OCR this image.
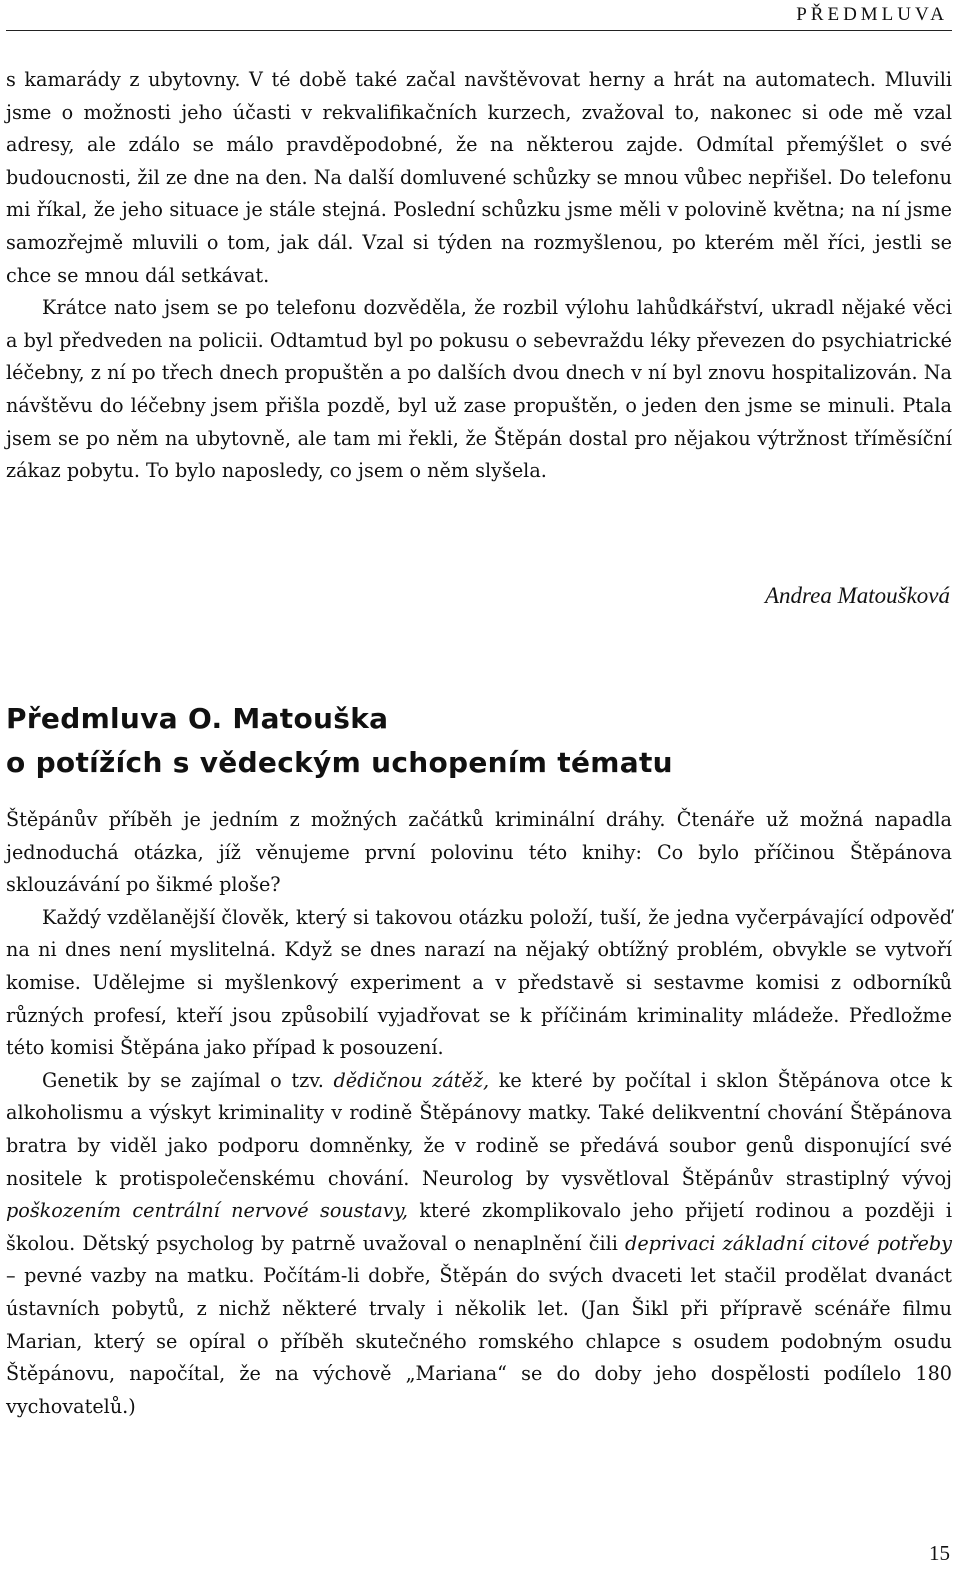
PŘEDMLUVA

s kamarády z ubytovny. V té době také začal navštěvovat herny a hrát na automatech. Mluvili jsme o možnosti jeho účasti v rekvalifikačních kurzech, zvažoval to, nakonec si ode mě vzal adresy, ale zdálo se málo pravděpodobné, že na některou zajde. Odmítal přemýšlet o své budoucnosti, žil ze dne na den. Na další domluvené schůzky se mnou vůbec nepřišel. Do telefonu mi říkal, že jeho situace je stále stejná. Poslední schůzku jsme měli v polovině května; na ní jsme samozřejmě mluvili o tom, jak dál. Vzal si týden na rozmyšlenou, po kterém měl říci, jestli se chce se mnou dál setkávat.

Krátce nato jsem se po telefonu dozvěděla, že rozbil výlohu lahůdkářství, ukradl nějaké věci a byl předveden na policii. Odtamtud byl po pokusu o sebevraždu léky převezen do psychiatrické léčebny, z ní po třech dnech propuštěn a po dalších dvou dnech v ní byl znovu hospitalizován. Na návštěvu do léčebny jsem přišla pozdě, byl už zase propuštěn, o jeden den jsme se minuli. Ptala jsem se po něm na ubytovně, ale tam mi řekli, že Štěpán dostal pro nějakou výtržnost tříměsíční zákaz pobytu. To bylo naposledy, co jsem o něm slyšela.

Andrea Matoušková
Předmluva O. Matouška
o potížích s vědeckým uchopením tématu

Štěpánův příběh je jedním z možných začátků kriminální dráhy. Čtenáře už možná napadla jednoduchá otázka, jíž věnujeme první polovinu této knihy: Co bylo příčinou Štěpánova sklouzávání po šikmé ploše?

Každý vzdělanější člověk, který si takovou otázku položí, tuší, že jedna vyčerpávající odpověď na ni dnes není myslitelná. Když se dnes narazí na nějaký obtížný problém, obvykle se vytvoří komise. Udělejme si myšlenkový experiment a v představě si sestavme komisi z odborníků různých profesí, kteří jsou způsobilí vyjadřovat se k příčinám kriminality mládeže. Předložme této komisi Štěpána jako případ k posouzení.

Genetik by se zajímal o tzv. dědičnou zátěž, ke které by počítal i sklon Štěpánova otce k alkoholismu a výskyt kriminality v rodině Štěpánovy matky. Také delikventní chování Štěpánova bratra by viděl jako podporu domněnky, že v rodině se předává soubor genů disponující své nositele k protispolečenskému chování. Neurolog by vysvětloval Štěpánův strastiplný vývoj poškozením centrální nervové soustavy, které zkomplikovalo jeho přijetí rodinou a později i školou. Dětský psycholog by patrně uvažoval o nenaplnění čili deprivaci základní citové potřeby – pevné vazby na matku. Počítám-li dobře, Štěpán do svých dvaceti let stačil prodělat dvanáct ústavních pobytů, z nichž některé trvaly i několik let. (Jan Šikl při přípravě scénáře filmu Marian, který se opíral o příběh skutečného romského chlapce s osudem podobným osudu Štěpánovu, napočítal, že na výchově „Mariana“ se do doby jeho dospělosti podílelo 180 vychovatelů.)

15
